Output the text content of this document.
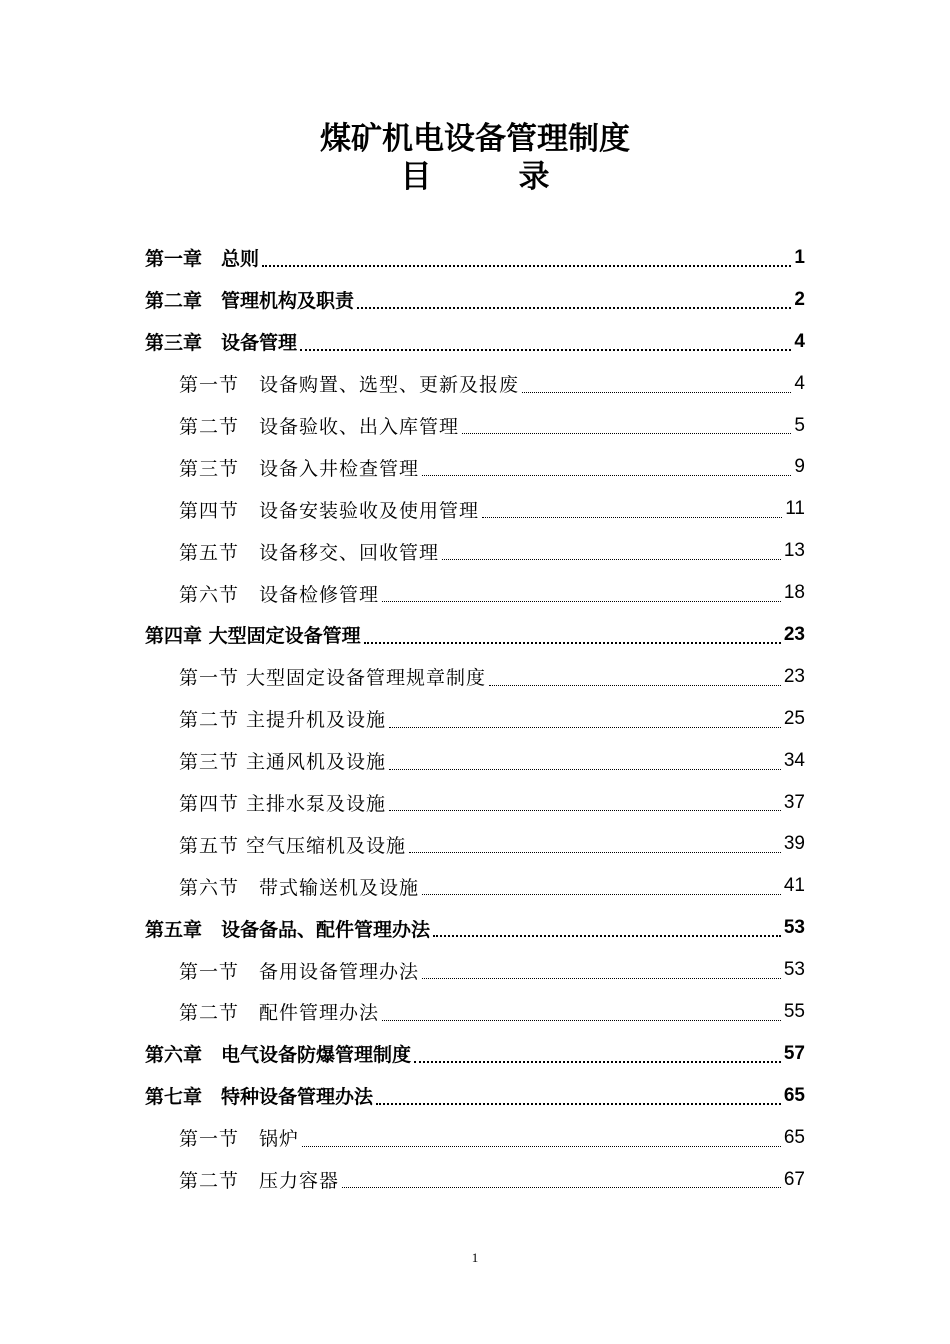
煤矿机电设备管理制度
目　录
第一章　总则	1
第二章　管理机构及职责	2
第三章　设备管理	4
第一节　设备购置、选型、更新及报废	4
第二节　设备验收、出入库管理	5
第三节　设备入井检查管理	9
第四节　设备安装验收及使用管理	11
第五节　设备移交、回收管理	13
第六节　设备检修管理	18
第四章 大型固定设备管理	23
第一节 大型固定设备管理规章制度	23
第二节 主提升机及设施	25
第三节 主通风机及设施	34
第四节 主排水泵及设施	37
第五节 空气压缩机及设施	39
第六节　带式输送机及设施	41
第五章　设备备品、配件管理办法	53
第一节　备用设备管理办法	53
第二节　配件管理办法	55
第六章　电气设备防爆管理制度	57
第七章　特种设备管理办法	65
第一节　锅炉	65
第二节　压力容器	67
1
